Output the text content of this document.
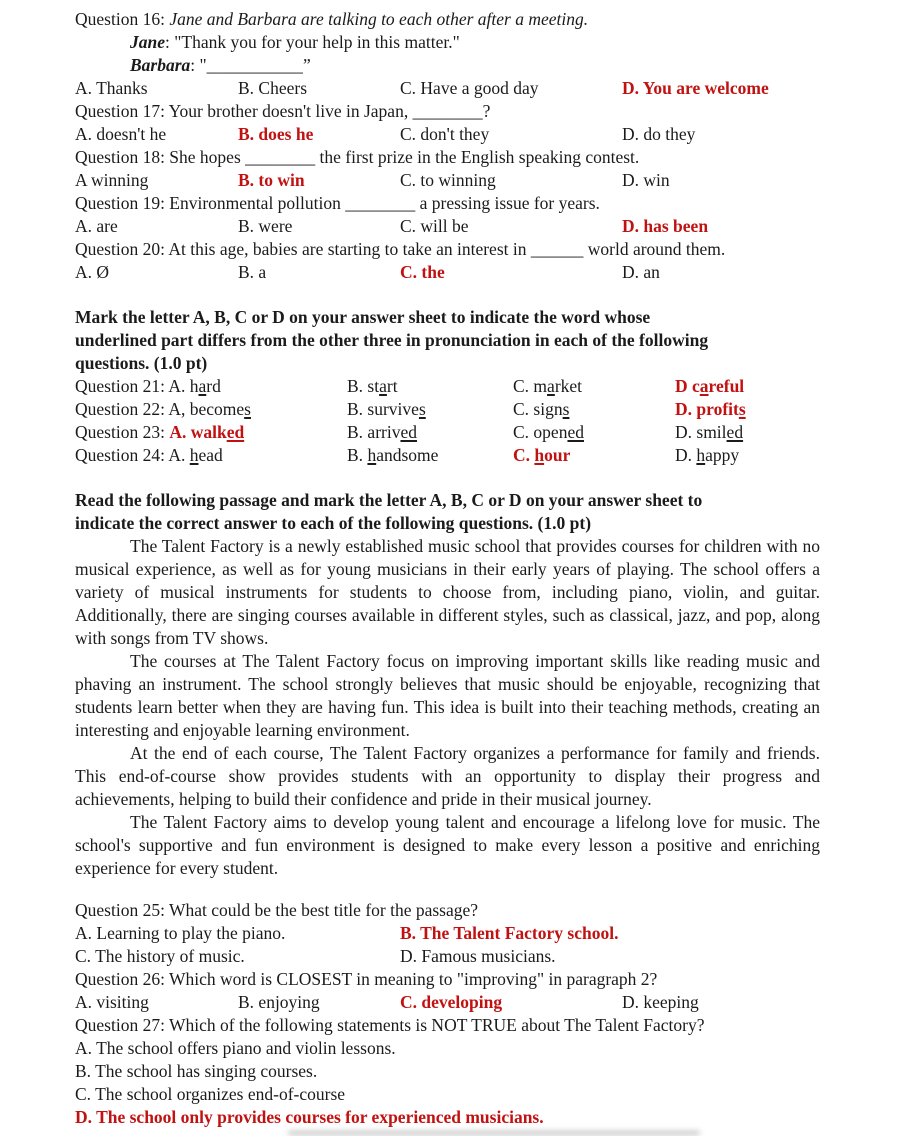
Question 16: Jane and Barbara are talking to each other after a meeting.
Jane: "Thank you for your help in this matter."
Barbara: "___________”
A. Thanks	B. Cheers	C. Have a good day	D. You are welcome
Question 17: Your brother doesn't live in Japan, ________?
A. doesn't he	B. does he	C. don't they	D. do they
Question 18: She hopes ________ the first prize in the English speaking contest.
A winning	B. to win	C. to winning	D. win
Question 19: Environmental pollution ________ a pressing issue for years.
A. are	B. were	C. will be	D. has been
Question 20: At this age, babies are starting to take an interest in ______ world around them.
A. Ø	B. a	C. the	D. an
Mark the letter A, B, C or D on your answer sheet to indicate the word whose
underlined part differs from the other three in pronunciation in each of the following
questions. (1.0 pt)
Question 21: A. hard	B. start	C. market	D careful
Question 22: A, becomes	B. survives	C. signs	D. profits
Question 23: A. walked	B. arrived	C. opened	D. smiled
Question 24: A. head	B. handsome	C. hour	D. happy
Read the following passage and mark the letter A, B, C or D on your answer sheet to
indicate the correct answer to each of the following questions. (1.0 pt)
The Talent Factory is a newly established music school that provides courses for children with no musical experience, as well as for young musicians in their early years of playing. The school offers a variety of musical instruments for students to choose from, including piano, violin, and guitar. Additionally, there are singing courses available in different styles, such as classical, jazz, and pop, along with songs from TV shows.
The courses at The Talent Factory focus on improving important skills like reading music and phaving an instrument. The school strongly believes that music should be enjoyable, recognizing that students learn better when they are having fun. This idea is built into their teaching methods, creating an interesting and enjoyable learning environment.
At the end of each course, The Talent Factory organizes a performance for family and friends. This end-of-course show provides students with an opportunity to display their progress and achievements, helping to build their confidence and pride in their musical journey.
The Talent Factory aims to develop young talent and encourage a lifelong love for music. The school's supportive and fun environment is designed to make every lesson a positive and enriching experience for every student.
Question 25: What could be the best title for the passage?
A. Learning to play the piano.	B. The Talent Factory school.
C. The history of music.	D. Famous musicians.
Question 26: Which word is CLOSEST in meaning to "improving" in paragraph 2?
A. visiting	B. enjoying	C. developing	D. keeping
Question 27: Which of the following statements is NOT TRUE about The Talent Factory?
A. The school offers piano and violin lessons.
B. The school has singing courses.
C. The school organizes end-of-course
D. The school only provides courses for experienced musicians.
